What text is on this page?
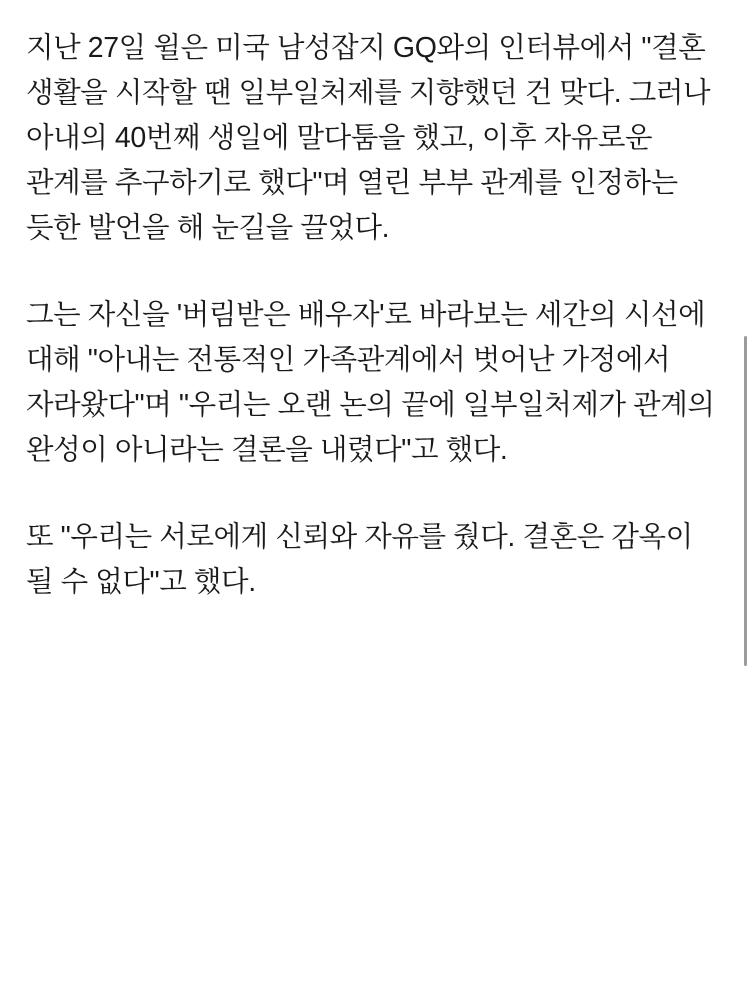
지난 27일 윌은 미국 남성잡지 GQ와의 인터뷰에서 "결혼 생활을 시작할 땐 일부일처제를 지향했던 건 맞다. 그러나 아내의 40번째 생일에 말다툼을 했고, 이후 자유로운 관계를 추구하기로 했다"며 열린 부부 관계를 인정하는 듯한 발언을 해 눈길을 끌었다.

그는 자신을 '버림받은 배우자'로 바라보는 세간의 시선에 대해 "아내는 전통적인 가족관계에서 벗어난 가정에서 자라왔다"며 "우리는 오랜 논의 끝에 일부일처제가 관계의 완성이 아니라는 결론을 내렸다"고 했다.

또 "우리는 서로에게 신뢰와 자유를 줬다. 결혼은 감옥이 될 수 없다"고 했다.
